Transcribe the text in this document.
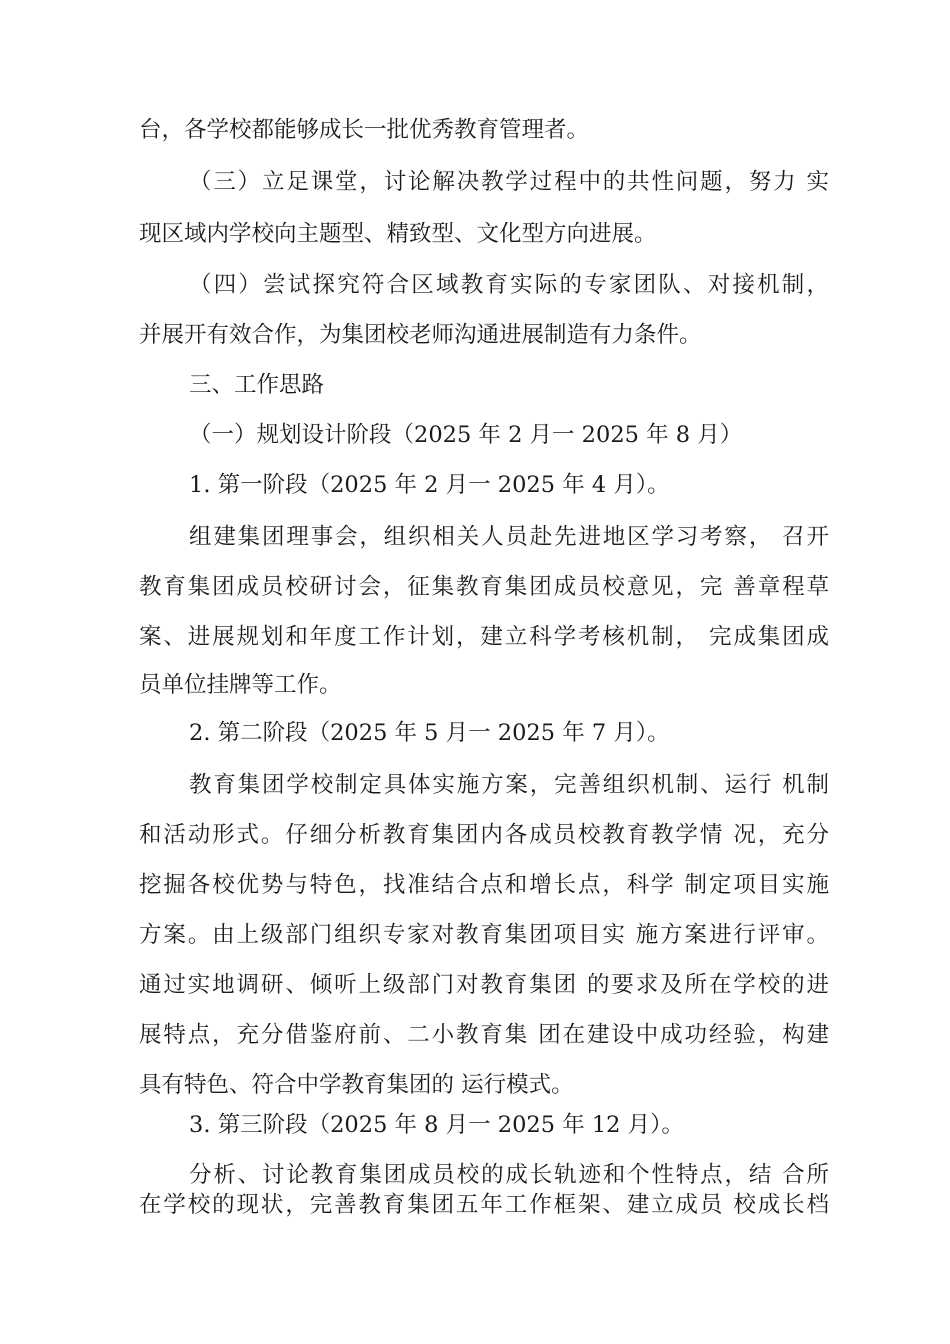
台，各学校都能够成长一批优秀教育管理者。
（三）立足课堂，讨论解决教学过程中的共性问题，努力 实
现区域内学校向主题型、精致型、文化型方向进展。
（四）尝试探究符合区域教育实际的专家团队、对接机制，
并展开有效合作，为集团校老师沟通进展制造有力条件。
三、工作思路
（一）规划设计阶段（2025 年 2 月一 2025 年 8 月）
1. 第一阶段（2025 年 2 月一 2025 年 4 月）。
组建集团理事会，组织相关人员赴先进地区学习考察， 召开
教育集团成员校研讨会，征集教育集团成员校意见，完 善章程草
案、进展规划和年度工作计划，建立科学考核机制， 完成集团成
员单位挂牌等工作。
2. 第二阶段（2025 年 5 月一 2025 年 7 月）。
教育集团学校制定具体实施方案，完善组织机制、运行 机制
和活动形式。仔细分析教育集团内各成员校教育教学情 况，充分
挖掘各校优势与特色，找准结合点和增长点，科学 制定项目实施
方案。由上级部门组织专家对教育集团项目实 施方案进行评审。
通过实地调研、倾听上级部门对教育集团 的要求及所在学校的进
展特点，充分借鉴府前、二小教育集 团在建设中成功经验，构建
具有特色、符合中学教育集团的 运行模式。
3. 第三阶段（2025 年 8 月一 2025 年 12 月）。
分析、讨论教育集团成员校的成长轨迹和个性特点，结 合所
在学校的现状，完善教育集团五年工作框架、建立成员 校成长档
